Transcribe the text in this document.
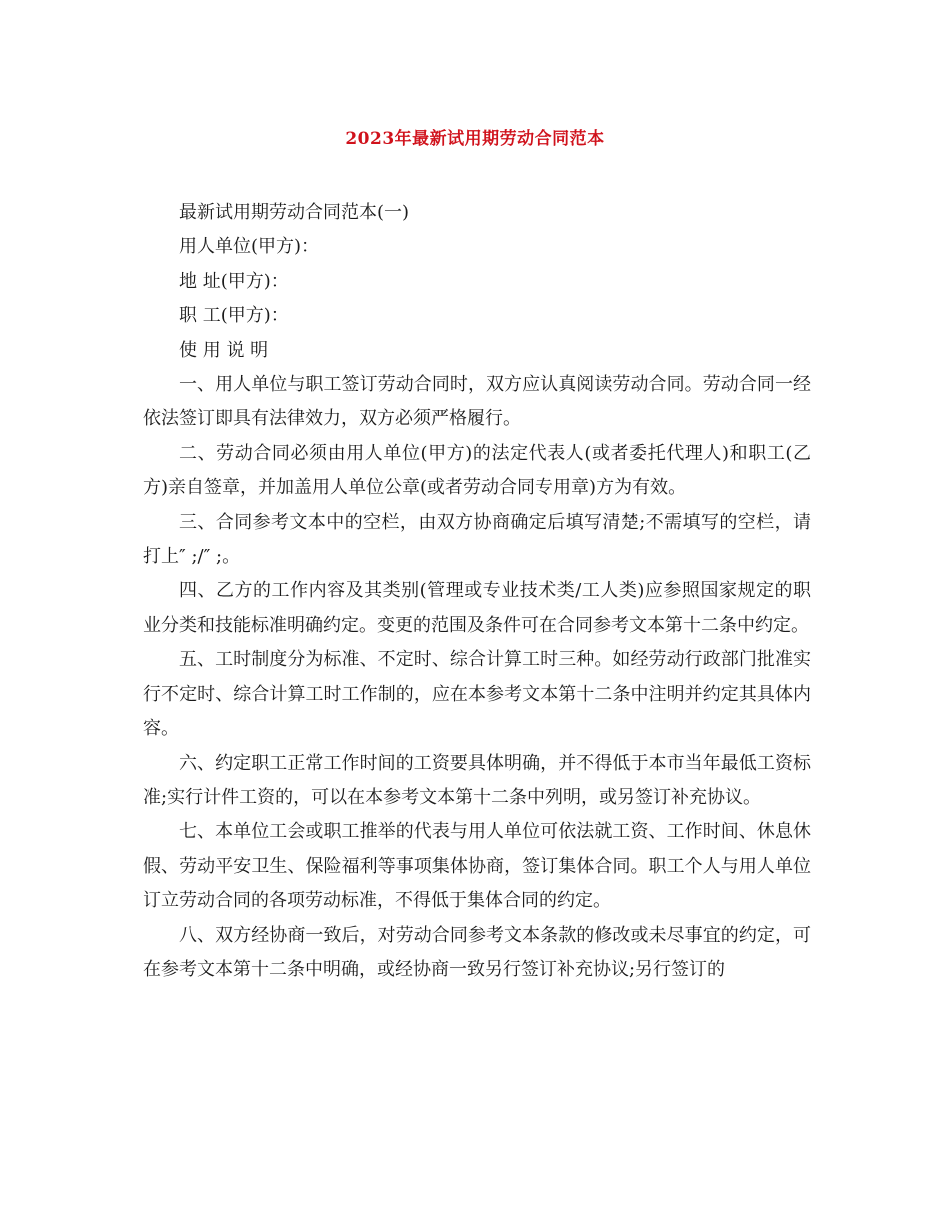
2023年最新试用期劳动合同范本

最新试用期劳动合同范本(一)

用人单位(甲方)：

地 址(甲方)：

职 工(甲方)：

使 用 说 明

一、用人单位与职工签订劳动合同时，双方应认真阅读劳动合同。劳动合同一经依法签订即具有法律效力，双方必须严格履行。

二、劳动合同必须由用人单位(甲方)的法定代表人(或者委托代理人)和职工(乙方)亲自签章，并加盖用人单位公章(或者劳动合同专用章)方为有效。

三、合同参考文本中的空栏，由双方协商确定后填写清楚;不需填写的空栏，请打上″ ;/″ ;。

四、乙方的工作内容及其类别(管理或专业技术类/工人类)应参照国家规定的职业分类和技能标准明确约定。变更的范围及条件可在合同参考文本第十二条中约定。

五、工时制度分为标准、不定时、综合计算工时三种。如经劳动行政部门批准实行不定时、综合计算工时工作制的，应在本参考文本第十二条中注明并约定其具体内容。

六、约定职工正常工作时间的工资要具体明确，并不得低于本市当年最低工资标准;实行计件工资的，可以在本参考文本第十二条中列明，或另签订补充协议。

七、本单位工会或职工推举的代表与用人单位可依法就工资、工作时间、休息休假、劳动平安卫生、保险福利等事项集体协商，签订集体合同。职工个人与用人单位订立劳动合同的各项劳动标准，不得低于集体合同的约定。

八、双方经协商一致后，对劳动合同参考文本条款的修改或未尽事宜的约定，可在参考文本第十二条中明确，或经协商一致另行签订补充协议;另行签订的
